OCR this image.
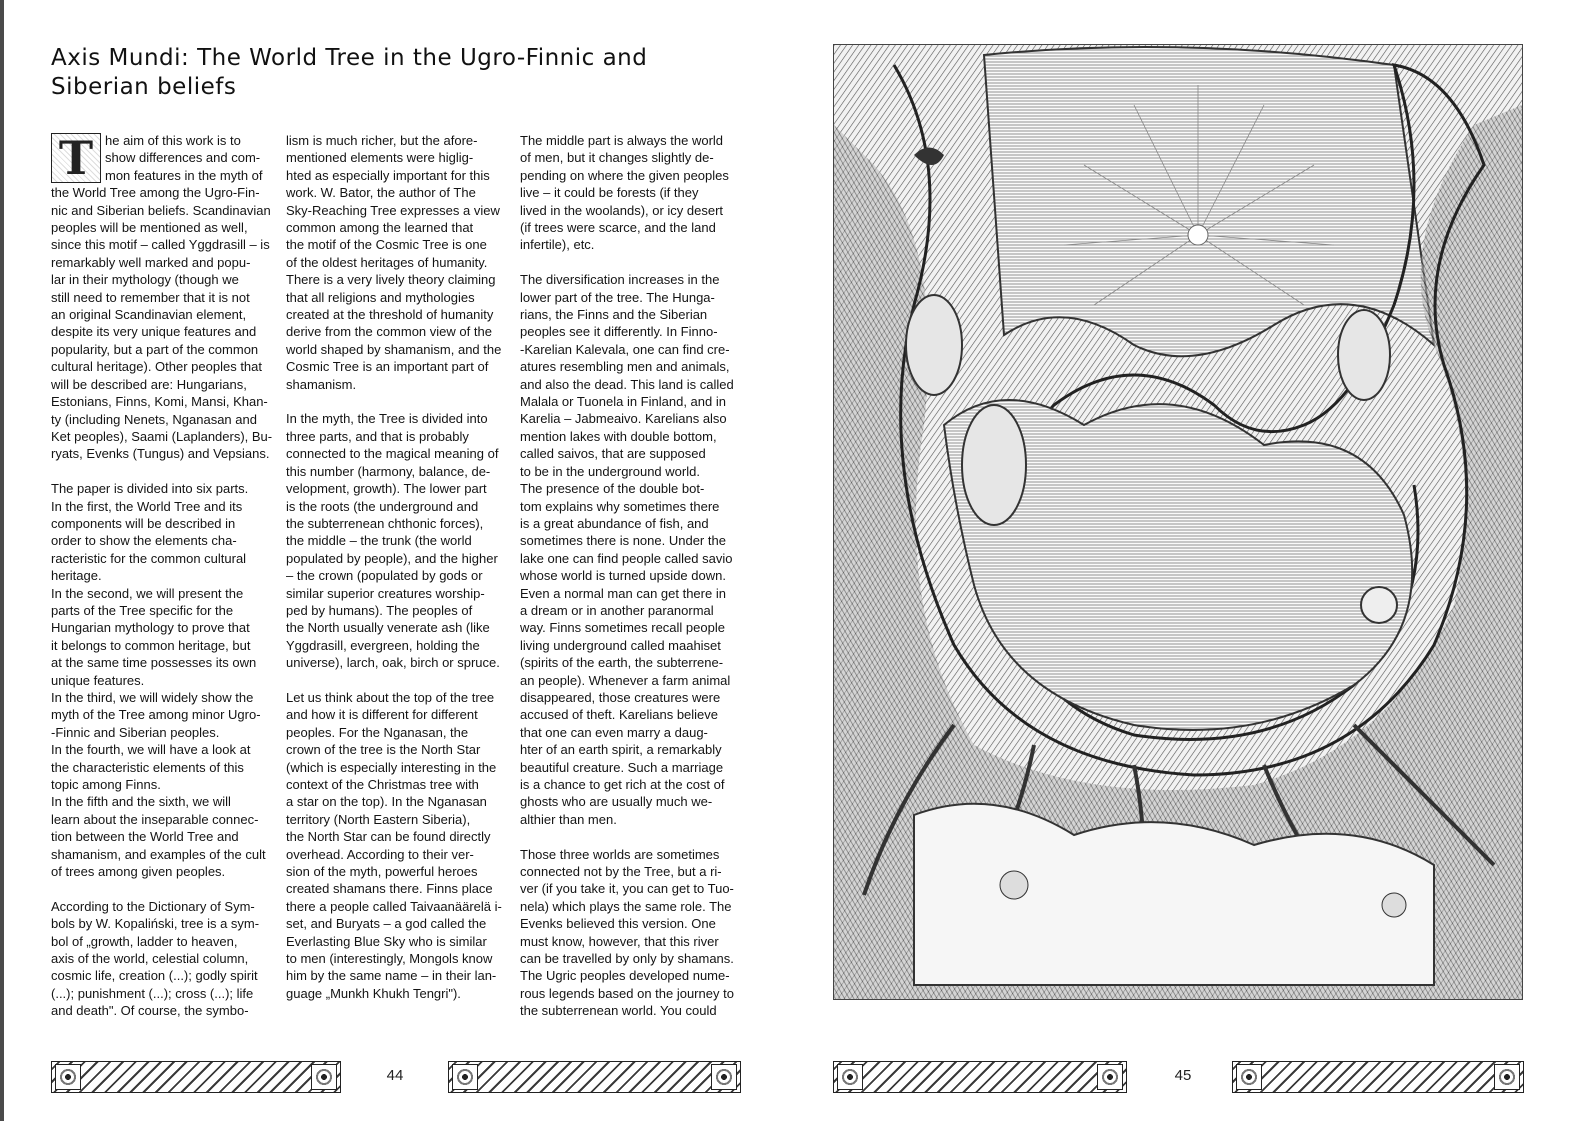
Axis Mundi: The World Tree in the Ugro-Finnic and Siberian beliefs

T he aim of this work is to
show differences and com-
mon features in the myth of
the World Tree among the Ugro-Fin-
nic and Siberian beliefs. Scandinavian
peoples will be mentioned as well,
since this motif – called Yggdrasill – is
remarkably well marked and popu-
lar in their mythology (though we
still need to remember that it is not
an original Scandinavian element,
despite its very unique features and
popularity, but a part of the common
cultural heritage). Other peoples that
will be described are: Hungarians,
Estonians, Finns, Komi, Mansi, Khan-
ty (including Nenets, Nganasan and
Ket peoples), Saami (Laplanders), Bu-
ryats, Evenks (Tungus) and Vepsians.

The paper is divided into six parts.
In the first, the World Tree and its
components will be described in
order to show the elements cha-
racteristic for the common cultural
heritage.

In the second, we will present the
parts of the Tree specific for the
Hungarian mythology to prove that
it belongs to common heritage, but
at the same time possesses its own
unique features.

In the third, we will widely show the
myth of the Tree among minor Ugro-
-Finnic and Siberian peoples.

In the fourth, we will have a look at
the characteristic elements of this
topic among Finns.

In the fifth and the sixth, we will
learn about the inseparable connec-
tion between the World Tree and
shamanism, and examples of the cult
of trees among given peoples.

According to the Dictionary of Sym-
bols by W. Kopaliński, tree is a sym-
bol of „growth, ladder to heaven,
axis of the world, celestial column,
cosmic life, creation (...); godly spirit
(...); punishment (...); cross (...); life
and death". Of course, the symbo-

lism is much richer, but the afore-
mentioned elements were higlig-
hted as especially important for this
work. W. Bator, the author of The
Sky-Reaching Tree expresses a view
common among the learned that
the motif of the Cosmic Tree is one
of the oldest heritages of humanity.
There is a very lively theory claiming
that all religions and mythologies
created at the threshold of humanity
derive from the common view of the
world shaped by shamanism, and the
Cosmic Tree is an important part of
shamanism.

In the myth, the Tree is divided into
three parts, and that is probably
connected to the magical meaning of
this number (harmony, balance, de-
velopment, growth). The lower part
is the roots (the underground and
the subterrenean chthonic forces),
the middle – the trunk (the world
populated by people), and the higher
– the crown (populated by gods or
similar superior creatures worship-
ped by humans). The peoples of
the North usually venerate ash (like
Yggdrasill, evergreen, holding the
universe), larch, oak, birch or spruce.

Let us think about the top of the tree
and how it is different for different
peoples. For the Nganasan, the
crown of the tree is the North Star
(which is especially interesting in the
context of the Christmas tree with
a star on the top). In the Nganasan
territory (North Eastern Siberia),
the North Star can be found directly
overhead. According to their ver-
sion of the myth, powerful heroes
created shamans there. Finns place
there a people called Taivaanäärelä i-
set, and Buryats – a god called the
Everlasting Blue Sky who is similar
to men (interestingly, Mongols know
him by the same name – in their lan-
guage „Munkh Khukh Tengri").

The middle part is always the world
of men, but it changes slightly de-
pending on where the given peoples
live – it could be forests (if they
lived in the woolands), or icy desert
(if trees were scarce, and the land
infertile), etc.

The diversification increases in the
lower part of the tree. The Hunga-
rians, the Finns and the Siberian
peoples see it differently. In Finno-
-Karelian Kalevala, one can find cre-
atures resembling men and animals,
and also the dead. This land is called
Malala or Tuonela in Finland, and in
Karelia – Jabmeaivo. Karelians also
mention lakes with double bottom,
called saivos, that are supposed
to be in the underground world.
The presence of the double bot-
tom explains why sometimes there
is a great abundance of fish, and
sometimes there is none. Under the
lake one can find people called savio
whose world is turned upside down.
Even a normal man can get there in
a dream or in another paranormal
way. Finns sometimes recall people
living underground called maahiset
(spirits of the earth, the subterrene-
an people). Whenever a farm animal
disappeared, those creatures were
accused of theft. Karelians believe
that one can even marry a daug-
hter of an earth spirit, a remarkably
beautiful creature. Such a marriage
is a chance to get rich at the cost of
ghosts who are usually much we-
althier than men.

Those three worlds are sometimes
connected not by the Tree, but a ri-
ver (if you take it, you can get to Tuo-
nela) which plays the same role. The
Evenks believed this version. One
must know, however, that this river
can be travelled by only by shamans.
The Ugric peoples developed nume-
rous legends based on the journey to
the subterrenean world. You could

44	45
